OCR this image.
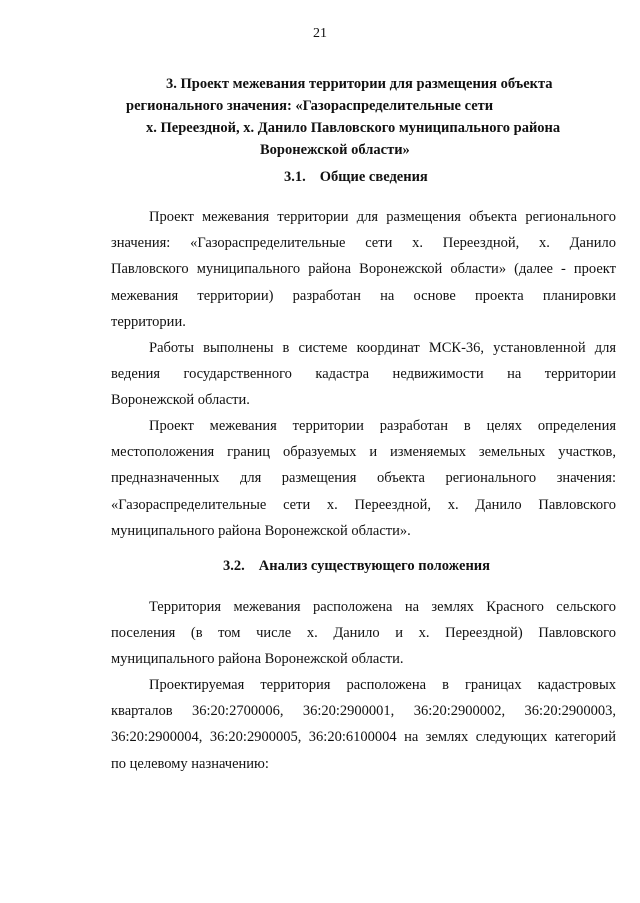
21
3. Проект межевания территории для размещения объекта
регионального значения: «Газораспределительные сети
х. Переездной, х. Данило Павловского муниципального района
Воронежской области»
3.1. Общие сведения
Проект межевания территории для размещения объекта регионального
значения: «Газораспределительные сети х. Переездной, х. Данило
Павловского муниципального района Воронежской области» (далее - проект
межевания территории) разработан на основе проекта планировки
территории.
Работы выполнены в системе координат МСК-36, установленной для
ведения государственного кадастра недвижимости на территории
Воронежской области.
Проект межевания территории разработан в целях определения
местоположения границ образуемых и изменяемых земельных участков,
предназначенных для размещения объекта регионального значения:
«Газораспределительные сети х. Переездной, х. Данило Павловского
муниципального района Воронежской области».
3.2. Анализ существующего положения
Территория межевания расположена на землях Красного сельского
поселения (в том числе х. Данило и х. Переездной) Павловского
муниципального района Воронежской области.
Проектируемая территория расположена в границах кадастровых
кварталов 36:20:2700006, 36:20:2900001, 36:20:2900002, 36:20:2900003,
36:20:2900004, 36:20:2900005, 36:20:6100004 на землях следующих категорий
по целевому назначению:
